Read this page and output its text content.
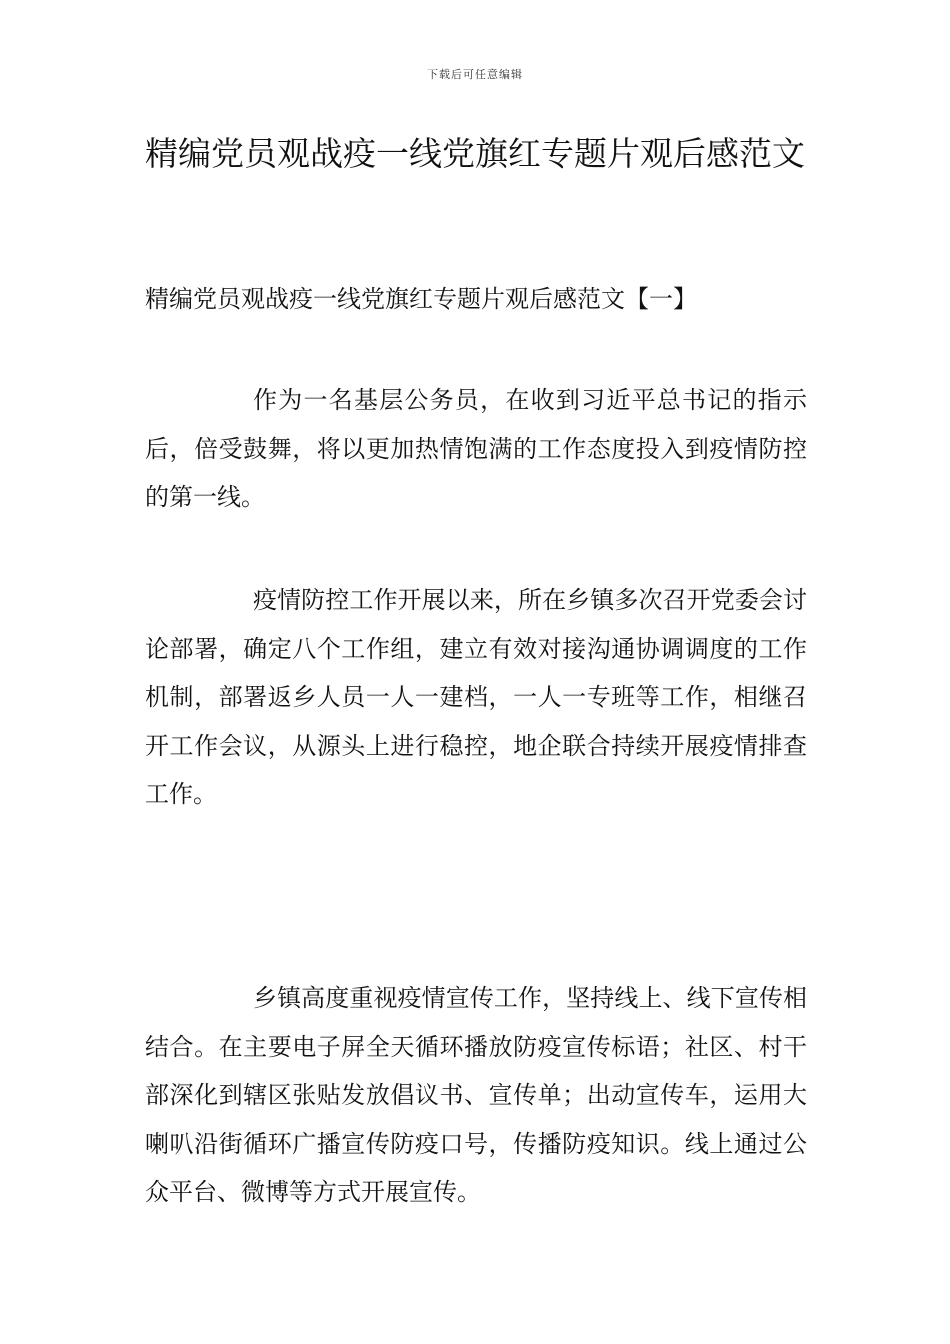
下载后可任意编辑
精编党员观战疫一线党旗红专题片观后感范文

精编党员观战疫一线党旗红专题片观后感范文【一】

作为一名基层公务员，在收到习近平总书记的指示后，倍受鼓舞，将以更加热情饱满的工作态度投入到疫情防控的第一线。

疫情防控工作开展以来，所在乡镇多次召开党委会讨论部署，确定八个工作组，建立有效对接沟通协调调度的工作机制，部署返乡人员一人一建档，一人一专班等工作，相继召开工作会议，从源头上进行稳控，地企联合持续开展疫情排查工作。

乡镇高度重视疫情宣传工作，坚持线上、线下宣传相结合。在主要电子屏全天循环播放防疫宣传标语；社区、村干部深化到辖区张贴发放倡议书、宣传单；出动宣传车，运用大喇叭沿街循环广播宣传防疫口号，传播防疫知识。线上通过公众平台、微博等方式开展宣传。
